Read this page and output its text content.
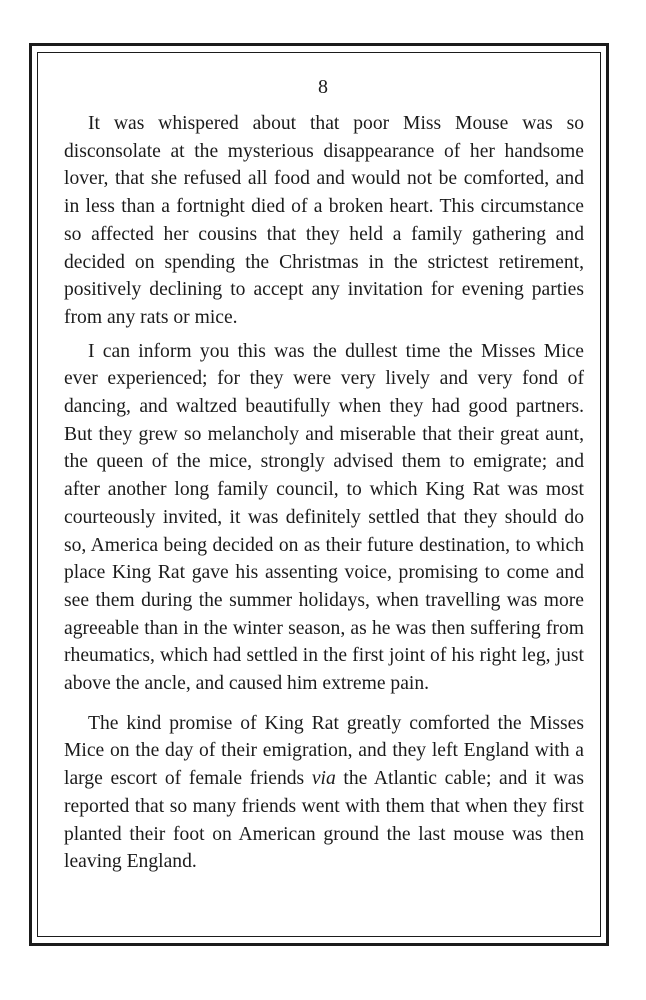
8

It was whispered about that poor Miss Mouse was so disconsolate at the mysterious disappearance of her handsome lover, that she refused all food and would not be comforted, and in less than a fortnight died of a broken heart. This circumstance so affected her cousins that they held a family gathering and decided on spending the Christmas in the strictest retirement, positively declining to accept any invitation for evening parties from any rats or mice.

I can inform you this was the dullest time the Misses Mice ever experienced; for they were very lively and very fond of dancing, and waltzed beautifully when they had good partners. But they grew so melancholy and miserable that their great aunt, the queen of the mice, strongly advised them to emigrate; and after another long family council, to which King Rat was most courteously invited, it was definitely settled that they should do so, America being decided on as their future destination, to which place King Rat gave his assenting voice, promising to come and see them during the summer holidays, when travelling was more agreeable than in the winter season, as he was then suffering from rheumatics, which had settled in the first joint of his right leg, just above the ancle, and caused him extreme pain.

The kind promise of King Rat greatly comforted the Misses Mice on the day of their emigration, and they left England with a large escort of female friends via the Atlantic cable; and it was reported that so many friends went with them that when they first planted their foot on American ground the last mouse was then leaving England.
